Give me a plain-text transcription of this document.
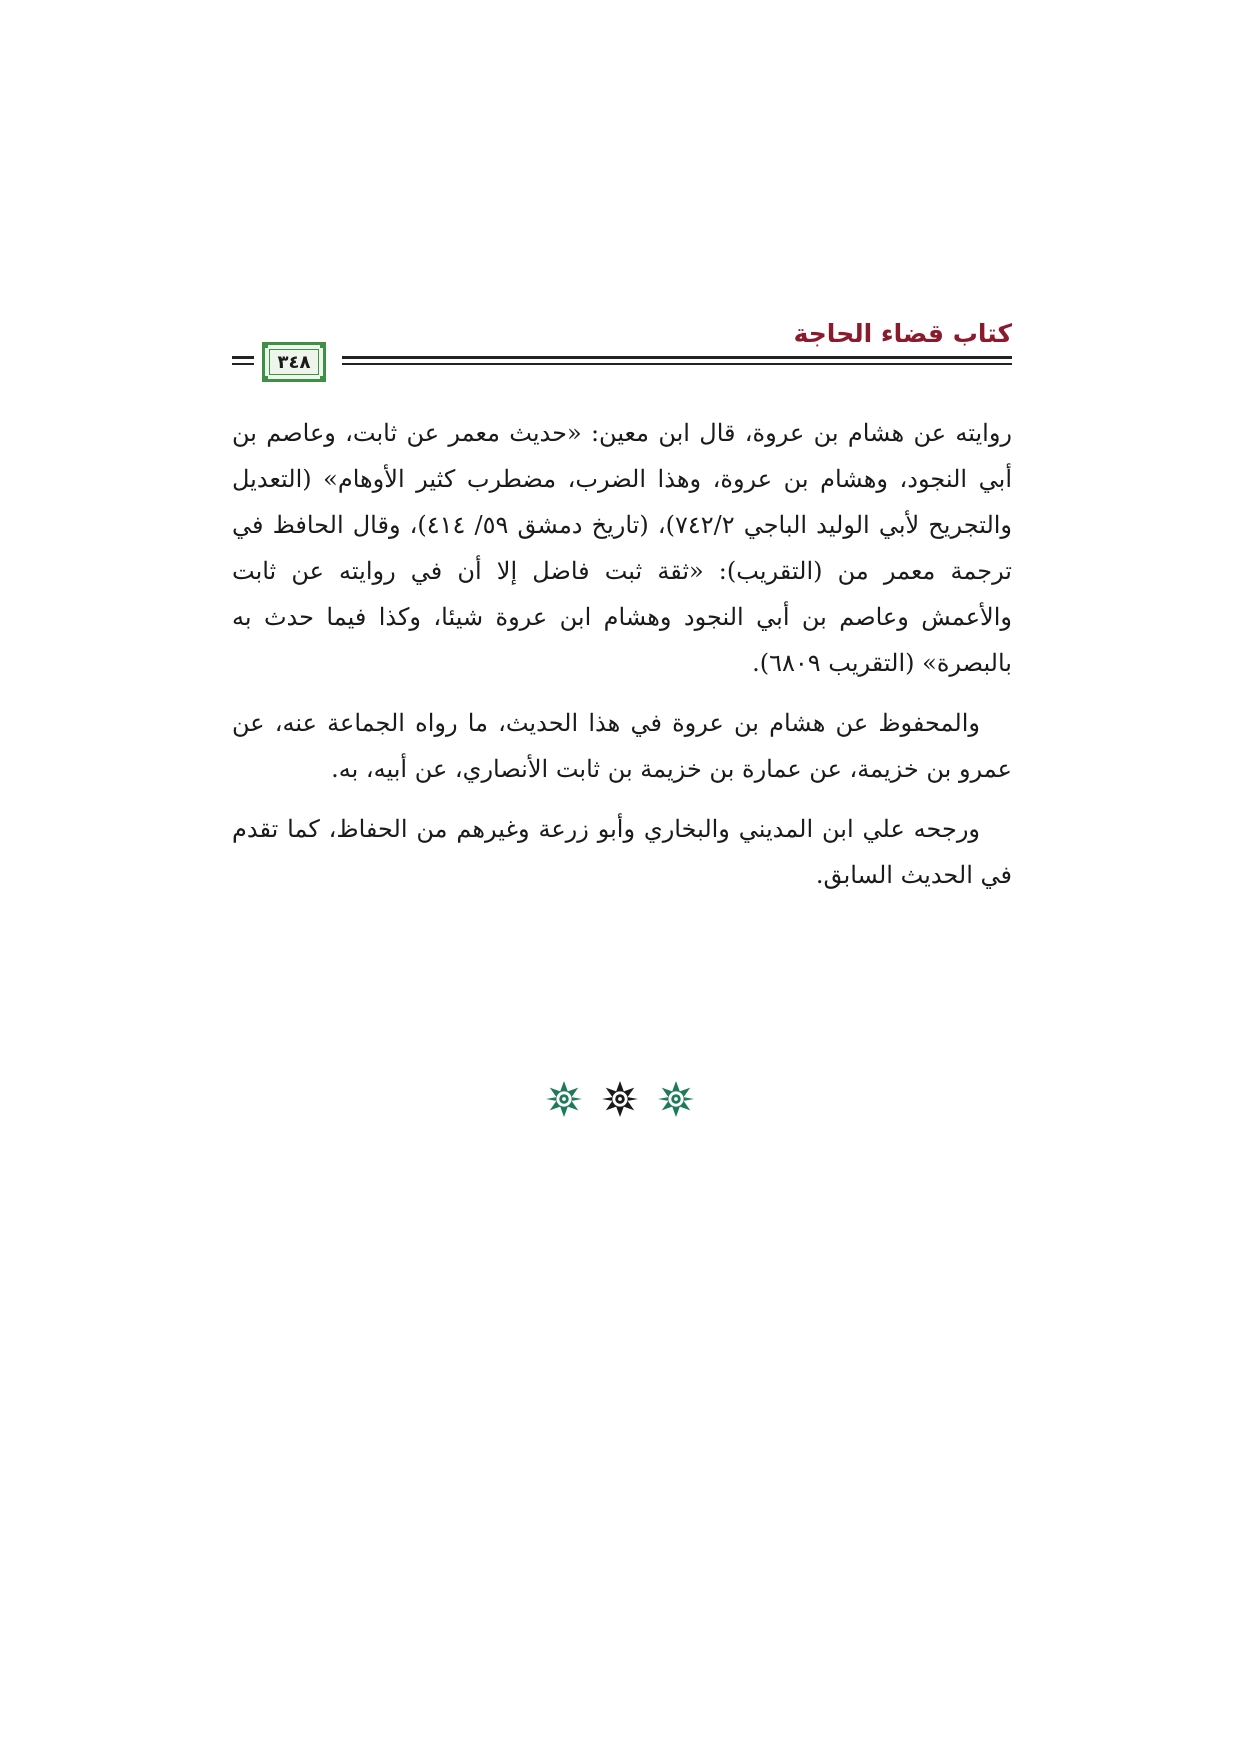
كتاب قضاء الحاجة
٣٤٨

روايته عن هشام بن عروة، قال ابن معين: «حديث معمر عن ثابت، وعاصم بن أبي النجود، وهشام بن عروة، وهذا الضرب، مضطرب كثير الأوهام» (التعديل والتجريح لأبي الوليد الباجي ٧٤٢/٢)، (تاريخ دمشق ٥٩/ ٤١٤)، وقال الحافظ في ترجمة معمر من (التقريب): «ثقة ثبت فاضل إلا أن في روايته عن ثابت والأعمش وعاصم بن أبي النجود وهشام ابن عروة شيئا، وكذا فيما حدث به بالبصرة» (التقريب ٦٨٠٩).

والمحفوظ عن هشام بن عروة في هذا الحديث، ما رواه الجماعة عنه، عن عمرو بن خزيمة، عن عمارة بن خزيمة بن ثابت الأنصاري، عن أبيه، به.

ورجحه علي ابن المديني والبخاري وأبو زرعة وغيرهم من الحفاظ، كما تقدم في الحديث السابق.
